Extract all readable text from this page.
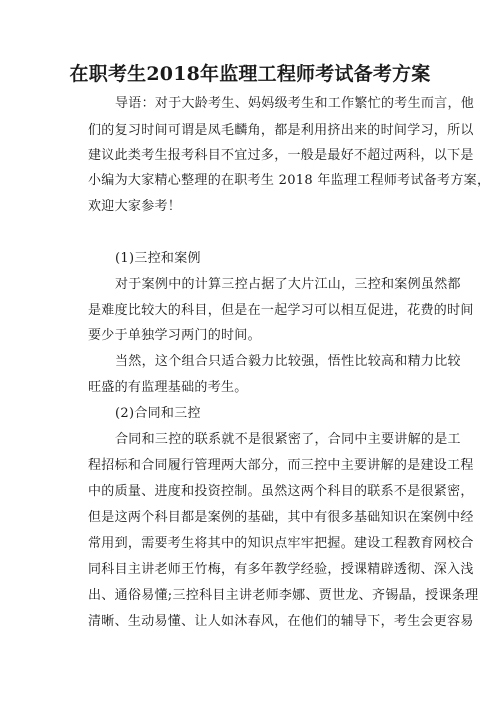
在职考生2018年监理工程师考试备考方案
导语：对于大龄考生、妈妈级考生和工作繁忙的考生而言，他
们的复习时间可谓是凤毛麟角，都是利用挤出来的时间学习，所以
建议此类考生报考科目不宜过多，一般是最好不超过两科，以下是
小编为大家精心整理的在职考生 2018 年监理工程师考试备考方案，
欢迎大家参考！
(1)三控和案例
对于案例中的计算三控占据了大片江山，三控和案例虽然都
是难度比较大的科目，但是在一起学习可以相互促进，花费的时间
要少于单独学习两门的时间。
当然，这个组合只适合毅力比较强，悟性比较高和精力比较
旺盛的有监理基础的考生。
(2)合同和三控
合同和三控的联系就不是很紧密了，合同中主要讲解的是工
程招标和合同履行管理两大部分，而三控中主要讲解的是建设工程
中的质量、进度和投资控制。虽然这两个科目的联系不是很紧密，
但是这两个科目都是案例的基础，其中有很多基础知识在案例中经
常用到，需要考生将其中的知识点牢牢把握。建设工程教育网校合
同科目主讲老师王竹梅，有多年教学经验，授课精辟透彻、深入浅
出、通俗易懂;三控科目主讲老师李娜、贾世龙、齐锡晶，授课条理
清晰、生动易懂、让人如沐春风，在他们的辅导下，考生会更容易
